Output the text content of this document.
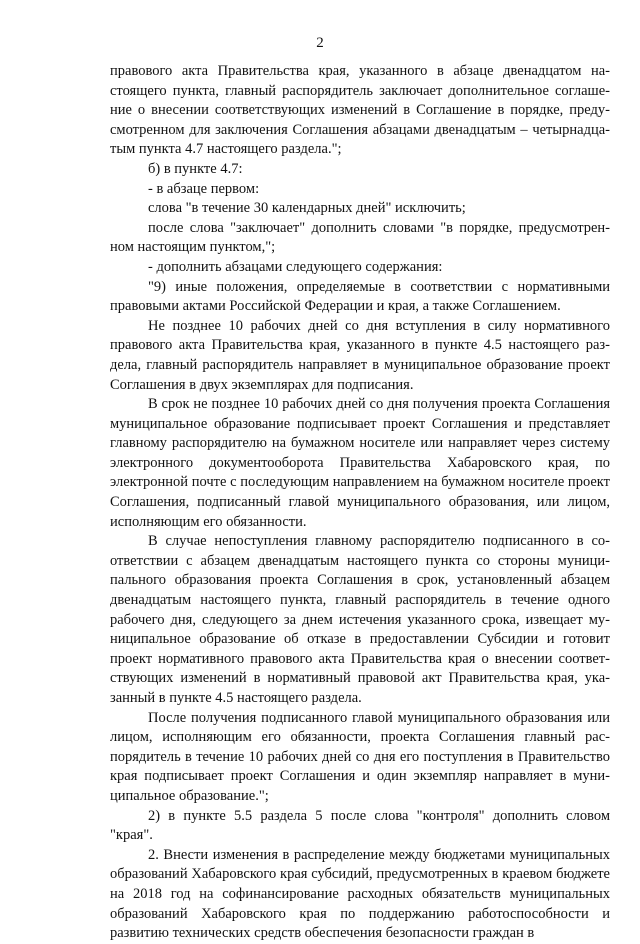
2

правового акта Правительства края, указанного в абзаце двенадцатом настоящего пункта, главный распорядитель заключает дополнительное соглашение о внесении соответствующих изменений в Соглашение в порядке, предусмотренном для заключения Соглашения абзацами двенадцатым – четырнадцатым пункта 4.7 настоящего раздела.";

б) в пункте 4.7:

- в абзаце первом:

слова "в течение 30 календарных дней" исключить;

после слова "заключает" дополнить словами "в порядке, предусмотренном настоящим пунктом,";

- дополнить абзацами следующего содержания:

"9) иные положения, определяемые в соответствии с нормативными правовыми актами Российской Федерации и края, а также Соглашением.

Не позднее 10 рабочих дней со дня вступления в силу нормативного правового акта Правительства края, указанного в пункте 4.5 настоящего раздела, главный распорядитель направляет в муниципальное образование проект Соглашения в двух экземплярах для подписания.

В срок не позднее 10 рабочих дней со дня получения проекта Соглашения муниципальное образование подписывает проект Соглашения и представляет главному распорядителю на бумажном носителе или направляет через систему электронного документооборота Правительства Хабаровского края, по электронной почте с последующим направлением на бумажном носителе проект Соглашения, подписанный главой муниципального образования, или лицом, исполняющим его обязанности.

В случае непоступления главному распорядителю подписанного в соответствии с абзацем двенадцатым настоящего пункта со стороны муниципального образования проекта Соглашения в срок, установленный абзацем двенадцатым настоящего пункта, главный распорядитель в течение одного рабочего дня, следующего за днем истечения указанного срока, извещает муниципальное образование об отказе в предоставлении Субсидии и готовит проект нормативного правового акта Правительства края о внесении соответствующих изменений в нормативный правовой акт Правительства края, указанный в пункте 4.5 настоящего раздела.

После получения подписанного главой муниципального образования или лицом, исполняющим его обязанности, проекта Соглашения главный распорядитель в течение 10 рабочих дней со дня его поступления в Правительство края подписывает проект Соглашения и один экземпляр направляет в муниципальное образование.";

2) в пункте 5.5 раздела 5 после слова "контроля" дополнить словом "края".

2. Внести изменения в распределение между бюджетами муниципальных образований Хабаровского края субсидий, предусмотренных в краевом бюджете на 2018 год на софинансирование расходных обязательств муниципальных образований Хабаровского края по поддержанию работоспособности и развитию технических средств обеспечения безопасности граждан в
